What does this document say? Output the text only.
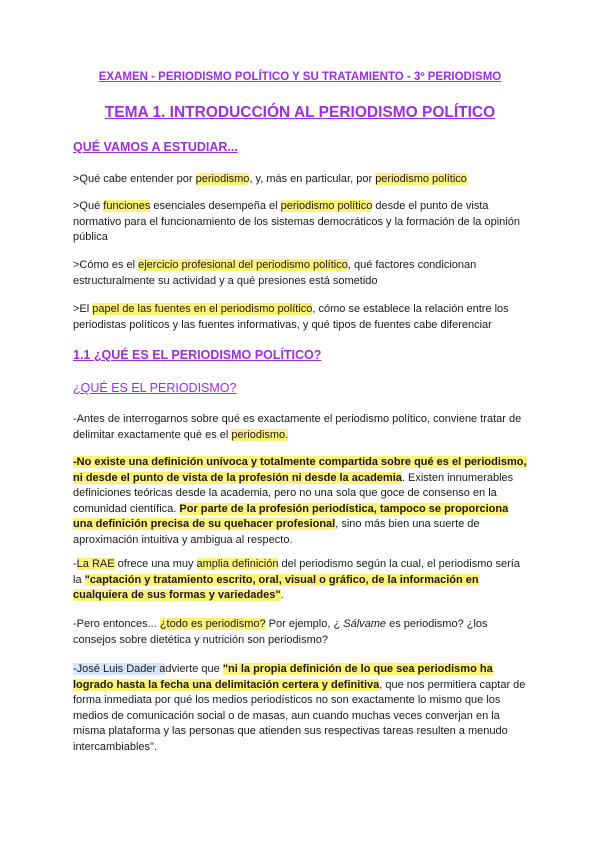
EXAMEN - PERIODISMO POLÍTICO Y SU TRATAMIENTO - 3º PERIODISMO
TEMA 1. INTRODUCCIÓN AL PERIODISMO POLÍTICO
QUÉ VAMOS A ESTUDIAR...

>Qué cabe entender por periodismo, y, más en particular, por periodismo político

>Qué funciones esenciales desempeña el periodismo político desde el punto de vista normativo para el funcionamiento de los sistemas democráticos y la formación de la opinión pública

>Cómo es el ejercicio profesional del periodismo político, qué factores condicionan estructuralmente su actividad y a qué presiones está sometido

>El papel de las fuentes en el periodismo político, cómo se establece la relación entre los periodistas políticos y las fuentes informativas, y qué tipos de fuentes cabe diferenciar

1.1 ¿QUÉ ES EL PERIODISMO POLÍTICO?
¿QUÉ ES EL PERIODISMO?

-Antes de interrogarnos sobre qué es exactamente el periodismo político, conviene tratar de delimitar exactamente qué es el periodismo.

-No existe una definición unívoca y totalmente compartida sobre qué es el periodismo, ni desde el punto de vista de la profesión ni desde la academia. Existen innumerables definiciones teóricas desde la academia, pero no una sola que goce de consenso en la comunidad científica. Por parte de la profesión periodística, tampoco se proporciona una definición precisa de su quehacer profesional, sino más bien una suerte de aproximación intuitiva y ambigua al respecto.

-La RAE ofrece una muy amplia definición del periodismo según la cual, el periodismo sería la "captación y tratamiento escrito, oral, visual o gráfico, de la información en cualquiera de sus formas y variedades".

-Pero entonces... ¿todo es periodismo? Por ejemplo, ¿ Sálvame es periodismo? ¿los consejos sobre dietética y nutrición son periodismo?

-José Luis Dader advierte que "ni la propia definición de lo que sea periodismo ha logrado hasta la fecha una delimitación certera y definitiva, que nos permitiera captar de forma inmediata por qué los medios periodísticos no son exactamente lo mismo que los medios de comunicación social o de masas, aun cuando muchas veces converjan en la misma plataforma y las personas que atienden sus respectivas tareas resulten a menudo intercambiables".
